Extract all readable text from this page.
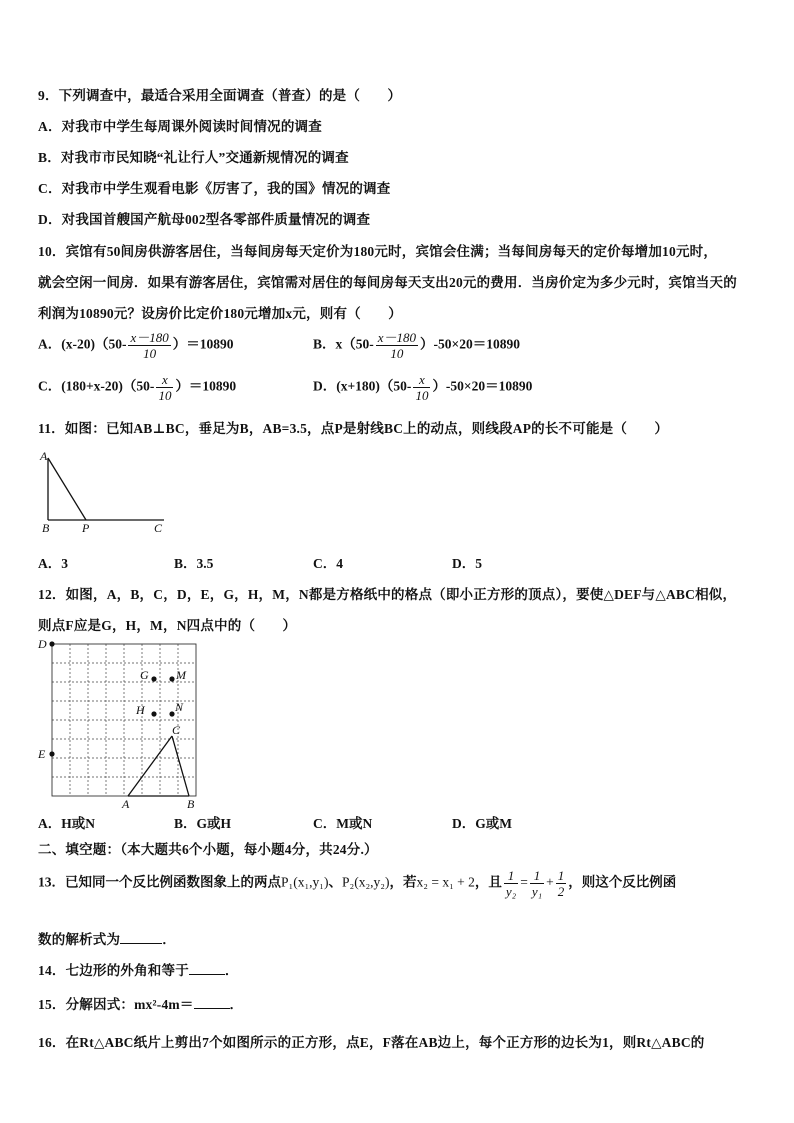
9．下列调查中，最适合采用全面调查（普查）的是（　　）
A．对我市中学生每周课外阅读时间情况的调查
B．对我市市民知晓“礼让行人”交通新规情况的调查
C．对我市中学生观看电影《厉害了，我的国》情况的调查
D．对我国首艘国产航母002型各零部件质量情况的调查
10．宾馆有50间房供游客居住，当每间房每天定价为180元时，宾馆会住满；当每间房每天的定价每增加10元时，
就会空闲一间房．如果有游客居住，宾馆需对居住的每间房每天支出20元的费用．当房价定为多少元时，宾馆当天的
利润为10890元？设房价比定价180元增加x元，则有（　　）
A．$(x-20)(50- \frac{x-180}{10} )=10890$	B．$x(50- \frac{x-180}{10} )-50\times 20=10890$
C．$(180+x-20)(50- \frac{x}{10} )=10890$	D．$(x+180)(50- \frac{x}{10} )-50\times 20=10890$
11．如图：已知AB⊥BC，垂足为B，AB=3.5，点P是射线BC上的动点，则线段AP的长不可能是（　　）
A
B	P	C
A．3	B．3.5	C．4	D．5
12．如图，A，B，C，D，E，G，H，M，N都是方格纸中的格点（即小正方形的顶点），要使△DEF与△ABC相似，
则点F应是G，H，M，N四点中的（　　）
D
G M
H	N
C
E
A	B
A．H或N	B．G或H	C．M或N	D．G或M
二、填空题：（本大题共6个小题，每小题4分，共24分.）
13．已知同一个反比例函数图象上的两点P₁(x₁,y₁)、P₂(x₂,y₂)，若x₂ = x₁ + 2，且 $\frac{1}{\text{y₂}} = \frac{1}{\text{y₁}} + \frac{1}{2}$ ，则这个反比例函
数的解析式为	．
14．七边形的外角和等于	．
15．分解因式：mx²-4m＝	．
16．在Rt△ABC纸片上剪出7个如图所示的正方形，点E，F落在AB边上，每个正方形的边长为1，则Rt△ABC的
